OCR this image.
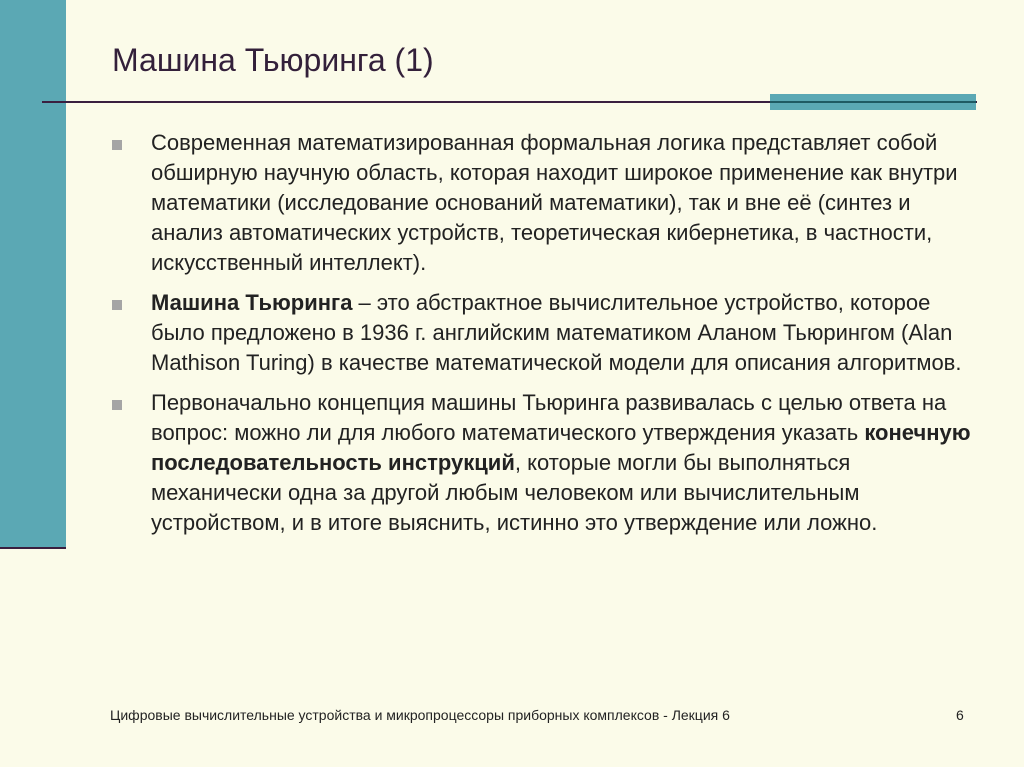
Машина Тьюринга (1)
Современная математизированная формальная логика представляет собой обширную научную область, которая находит широкое применение как внутри математики (исследование оснований математики), так и вне её (синтез и анализ автоматических устройств, теоретическая кибернетика, в частности, искусственный интеллект).
Машина Тьюринга – это абстрактное вычислительное устройство, которое было предложено в 1936 г. английским математиком Аланом Тьюрингом (Alan Mathison Turing) в качестве математической модели для описания алгоритмов.
Первоначально концепция машины Тьюринга развивалась с целью ответа на вопрос: можно ли для любого математического утверждения указать конечную последовательность инструкций, которые могли бы выполняться механически одна за другой любым человеком или вычислительным устройством, и в итоге выяснить, истинно это утверждение или ложно.
Цифровые вычислительные устройства и микропроцессоры приборных комплексов - Лекция 6	6
